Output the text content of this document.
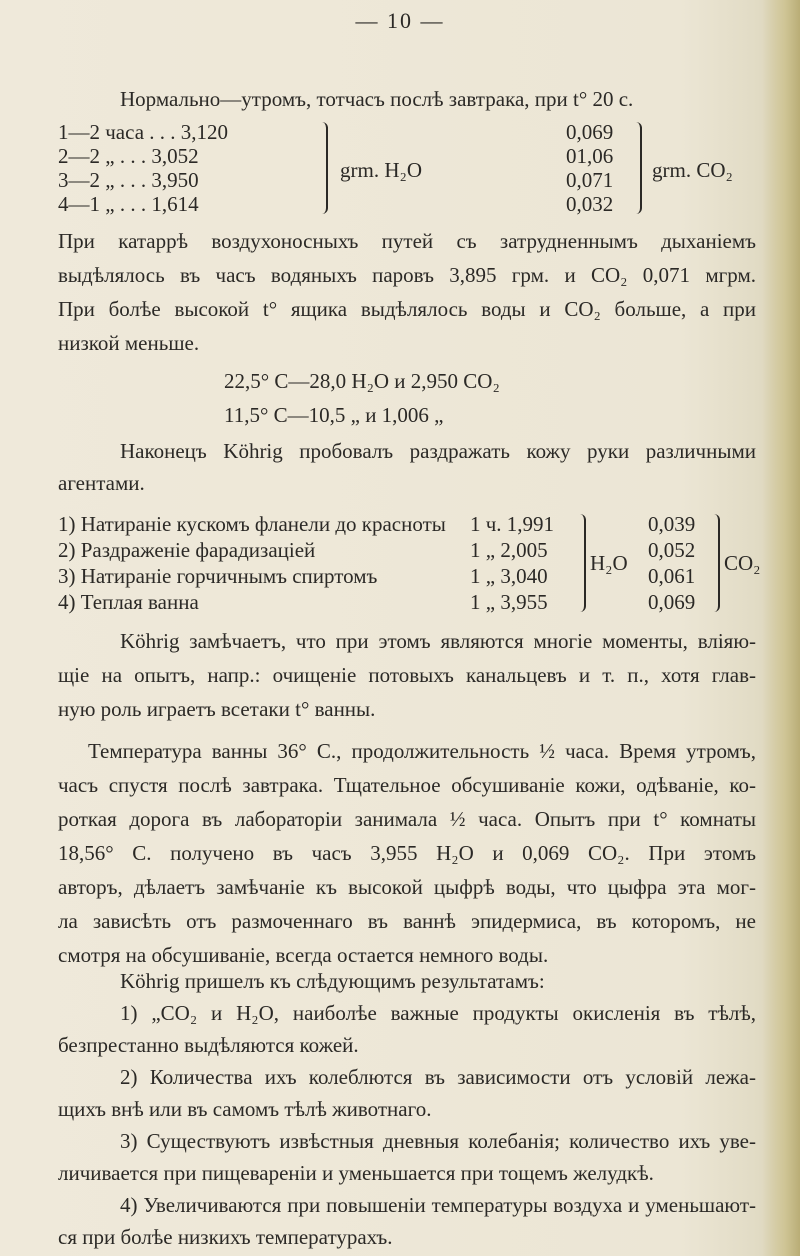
— 10 —
Нормально—утромъ, тотчасъ послѣ завтрака, при t° 20 с.
1—2 часа . . . 3,120
2—2 „ . . . 3,052
3—2 „ . . . 3,950
4—1 „ . . . 1,614
grm. H₂O
0,069
01,06
0,071
0,032
grm. CO₂
При катаррѣ воздухоносныхъ путей съ затрудненнымъ дыханіемъ
выдѣлялось въ часъ водяныхъ паровъ 3,895 грм. и CO₂ 0,071 мгрм.
При болѣе высокой t° ящика выдѣлялось воды и CO₂ больше, а при
низкой меньше.
22,5° C—28,0 H₂O и 2,950 CO₂
11,5° C—10,5 „ и 1,006 „
Наконецъ Köhrig пробовалъ раздражать кожу руки различными
агентами.
1) Натираніе кускомъ фланели до красноты
2) Раздраженіе фарадизаціей
3) Натираніе горчичнымъ спиртомъ
4) Теплая ванна
1 ч. 1,991
1 „ 2,005
1 „ 3,040
1 „ 3,955
H₂O
0,039
0,052
0,061
0,069
CO₂
Köhrig замѣчаетъ, что при этомъ являются многіе моменты, вліяю-
щіе на опытъ, напр.: очищеніе потовыхъ канальцевъ и т. п., хотя глав-
ную роль играетъ всетаки t° ванны.
Температура ванны 36° C., продолжительность ½ часа. Время утромъ,
часъ спустя послѣ завтрака. Тщательное обсушиваніе кожи, одѣваніе, ко-
роткая дорога въ лабораторіи занимала ½ часа. Опытъ при t° комнаты
18,56° C. получено въ часъ 3,955 H₂O и 0,069 CO₂. При этомъ
авторъ, дѣлаетъ замѣчаніе къ высокой цыфрѣ воды, что цыфра эта мог-
ла зависѣть отъ размоченнаго въ ваннѣ эпидермиса, въ которомъ, не
смотря на обсушиваніе, всегда остается немного воды.
Köhrig пришелъ къ слѣдующимъ результатамъ:
1) „CO₂ и H₂O, наиболѣе важные продукты окисленія въ тѣлѣ,
безпрестанно выдѣляются кожей.
2) Количества ихъ колеблются въ зависимости отъ условій лежа-
щихъ внѣ или въ самомъ тѣлѣ животнаго.
3) Существуютъ извѣстныя дневныя колебанія; количество ихъ уве-
личивается при пищевареніи и уменьшается при тощемъ желудкѣ.
4) Увеличиваются при повышеніи температуры воздуха и уменьшают-
ся при болѣе низкихъ температурахъ.
